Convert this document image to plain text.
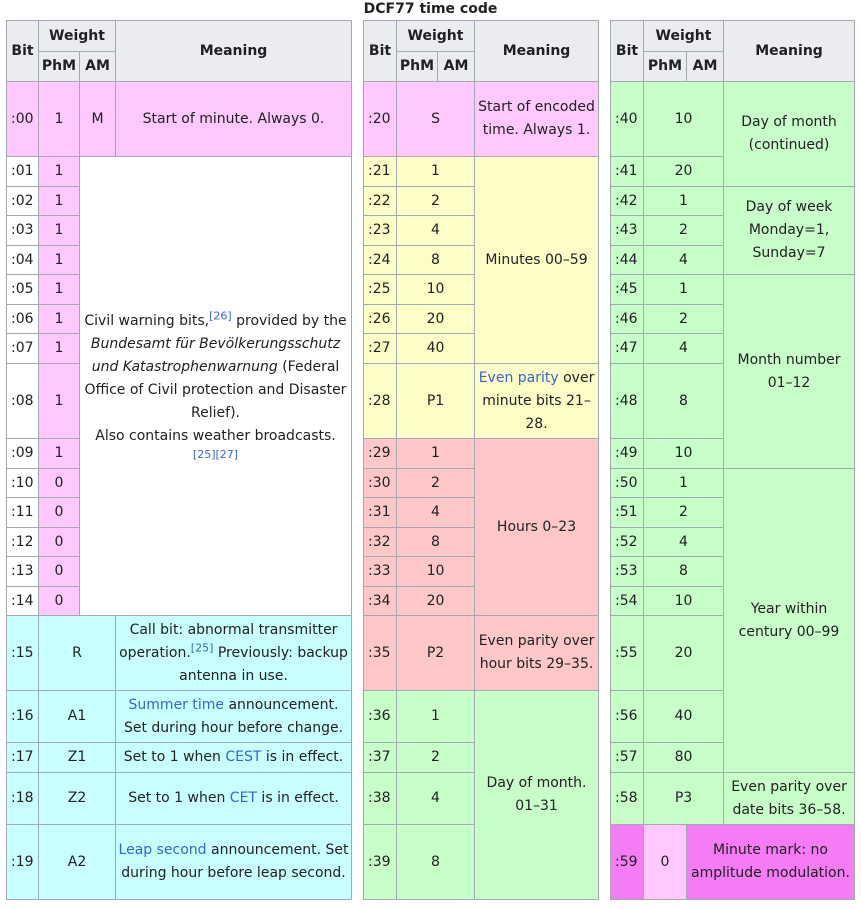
DCF77 time code
Bit	Weight		Meaning
	PhM	AM	
:00	1	M	Start of minute. Always 0.
:01	1	Civil warning bits,[26] provided by the Bundesamt für Bevölkerungsschutz und Katastrophenwarnung (Federal Office of Civil protection and Disaster Relief).
Also contains weather broadcasts.
[25][27]	

:02	1		
:03	1		
:04	1		
:05	1		
:06	1		
:07	1		
:08	1		
:09	1		
:10	0		
:11	0		
:12	0		
:13	0		
:14	0		
:15	R		Call bit: abnormal transmitter operation.[25] Previously: backup antenna in use.
:16	A1		Summer time announcement. Set during hour before change.
:17	Z1		Set to 1 when CEST is in effect.
:18	Z2		Set to 1 when CET is in effect.
:19	A2		Leap second announcement. Set during hour before leap second.
Bit	Weight		Meaning
	PhM	AM	
:20	S		Start of encoded time. Always 1.
:21	1		Minutes 00–59
:22	2		
:23	4		
:24	8		
:25	10		
:26	20		
:27	40		
:28	P1		Even parity over minute bits 21–28.
:29	1		Hours 0–23
:30	2		
:31	4		
:32	8		
:33	10		
:34	20		
:35	P2		Even parity over hour bits 29–35.
:36	1		Day of month. 01–31
:37	2		
:38	4		
:39	8		
Bit	Weight		Meaning
	PhM	AM	
:40	10		Day of month (continued)
:41	20		
:42	1		Day of week Monday=1, Sunday=7
:43	2		
:44	4		
:45	1		Month number 01–12
:46	2		
:47	4		
:48	8		
:49	10		
:50	1		Year within century 00–99
:51	2		
:52	4		
:53	8		
:54	10		
:55	20		
:56	40		
:57	80		
:58	P3		Even parity over date bits 36–58.
:59	0	Minute mark: no amplitude modulation.	
